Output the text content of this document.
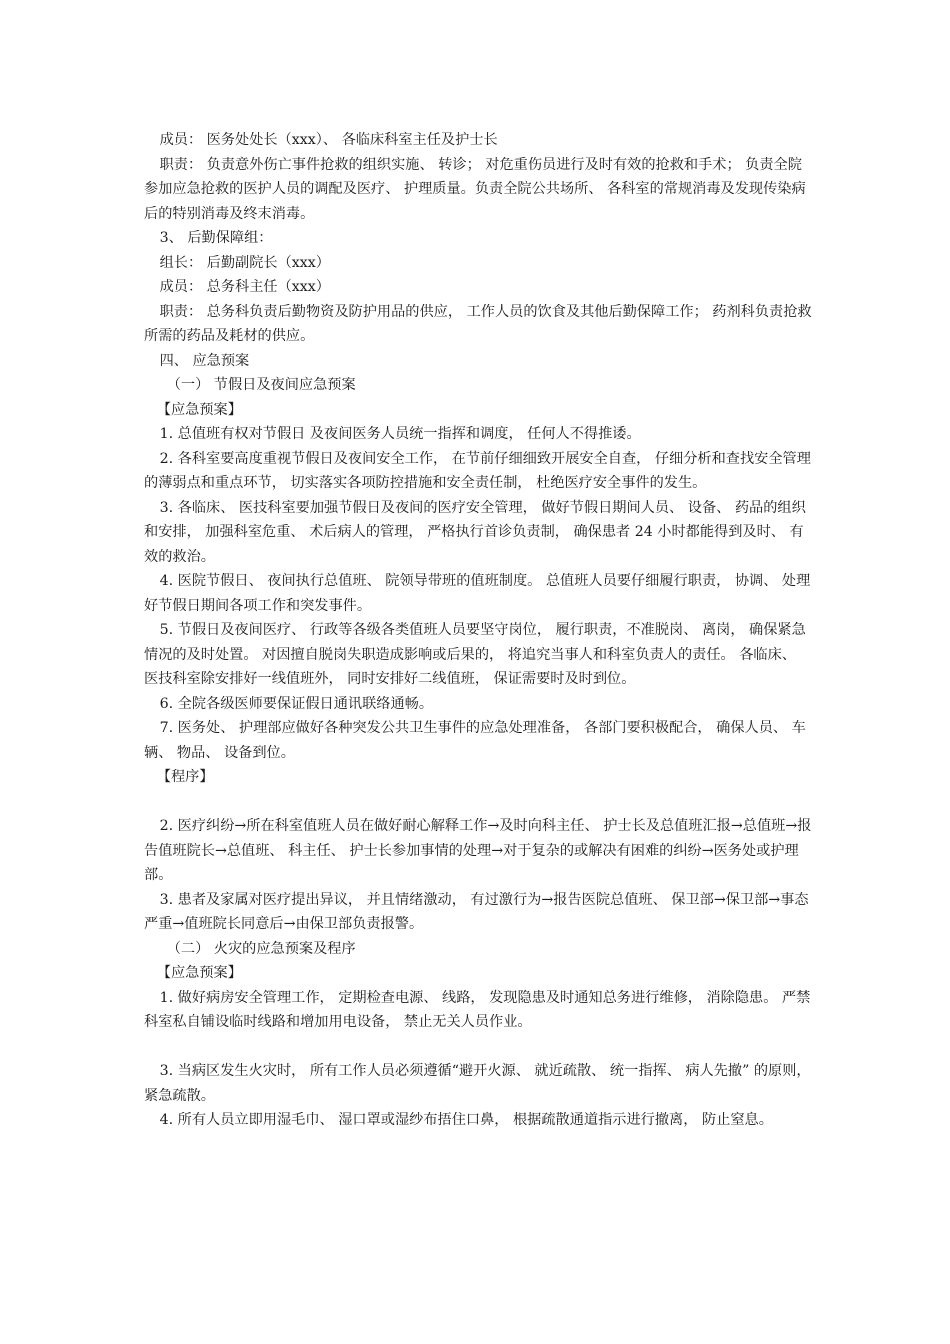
成员： 医务处处长（xxx）、 各临床科室主任及护士长

职责： 负责意外伤亡事件抢救的组织实施、 转诊； 对危重伤员进行及时有效的抢救和手术； 负责全院参加应急抢救的医护人员的调配及医疗、 护理质量。负责全院公共场所、 各科室的常规消毒及发现传染病后的特别消毒及终末消毒。

3、 后勤保障组：

组长： 后勤副院长（xxx）

成员： 总务科主任（xxx）

职责： 总务科负责后勤物资及防护用品的供应， 工作人员的饮食及其他后勤保障工作； 药剂科负责抢救所需的药品及耗材的供应。

四、 应急预案

（一） 节假日及夜间应急预案

【应急预案】

1. 总值班有权对节假日 及夜间医务人员统一指挥和调度， 任何人不得推诿。

2. 各科室要高度重视节假日及夜间安全工作， 在节前仔细细致开展安全自查， 仔细分析和查找安全管理的薄弱点和重点环节， 切实落实各项防控措施和安全责任制， 杜绝医疗安全事件的发生。

3. 各临床、 医技科室要加强节假日及夜间的医疗安全管理， 做好节假日期间人员、 设备、 药品的组织和安排， 加强科室危重、 术后病人的管理， 严格执行首诊负责制， 确保患者 24 小时都能得到及时、 有效的救治。

4. 医院节假日、 夜间执行总值班、 院领导带班的值班制度。 总值班人员要仔细履行职责， 协调、 处理好节假日期间各项工作和突发事件。

5. 节假日及夜间医疗、 行政等各级各类值班人员要坚守岗位， 履行职责，不准脱岗、 离岗， 确保紧急情况的及时处置。 对因擅自脱岗失职造成影响或后果的， 将追究当事人和科室负责人的责任。 各临床、 医技科室除安排好一线值班外， 同时安排好二线值班， 保证需要时及时到位。

6. 全院各级医师要保证假日通讯联络通畅。

7. 医务处、 护理部应做好各种突发公共卫生事件的应急处理准备， 各部门要积极配合， 确保人员、 车辆、 物品、 设备到位。

【程序】

2. 医疗纠纷→所在科室值班人员在做好耐心解释工作→及时向科主任、 护士长及总值班汇报→总值班→报告值班院长→总值班、 科主任、 护士长参加事情的处理→对于复杂的或解决有困难的纠纷→医务处或护理部。

3. 患者及家属对医疗提出异议， 并且情绪激动， 有过激行为→报告医院总值班、 保卫部→保卫部→事态严重→值班院长同意后→由保卫部负责报警。

（二） 火灾的应急预案及程序

【应急预案】

1. 做好病房安全管理工作， 定期检查电源、 线路， 发现隐患及时通知总务进行维修， 消除隐患。 严禁科室私自铺设临时线路和增加用电设备， 禁止无关人员作业。

3. 当病区发生火灾时， 所有工作人员必须遵循“避开火源、 就近疏散、 统一指挥、 病人先撤” 的原则， 紧急疏散。

4. 所有人员立即用湿毛巾、 湿口罩或湿纱布捂住口鼻， 根据疏散通道指示进行撤离， 防止窒息。
